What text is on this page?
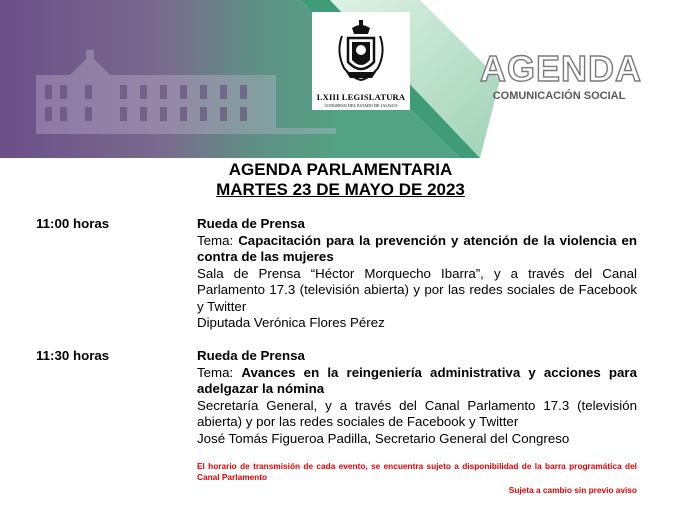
LXIII LEGISLATURA
CONGRESO DEL ESTADO DE JALISCO
AGENDA
COMUNICACIÓN SOCIAL
AGENDA PARLAMENTARIA
MARTES 23 DE MAYO DE 2023
11:00 horas	Rueda de Prensa
Tema: Capacitación para la prevención y atención de la violencia en contra de las mujeres
Sala de Prensa “Héctor Morquecho Ibarra”, y a través del Canal Parlamento 17.3 (televisión abierta) y por las redes sociales de Facebook y Twitter
Diputada Verónica Flores Pérez
11:30 horas	Rueda de Prensa
Tema: Avances en la reingeniería administrativa y acciones para adelgazar la nómina
Secretaría General, y a través del Canal Parlamento 17.3 (televisión abierta) y por las redes sociales de Facebook y Twitter
José Tomás Figueroa Padilla, Secretario General del Congreso
El horario de transmisión de cada evento, se encuentra sujeto a disponibilidad de la barra programática del Canal Parlamento
Sujeta a cambio sin previo aviso
